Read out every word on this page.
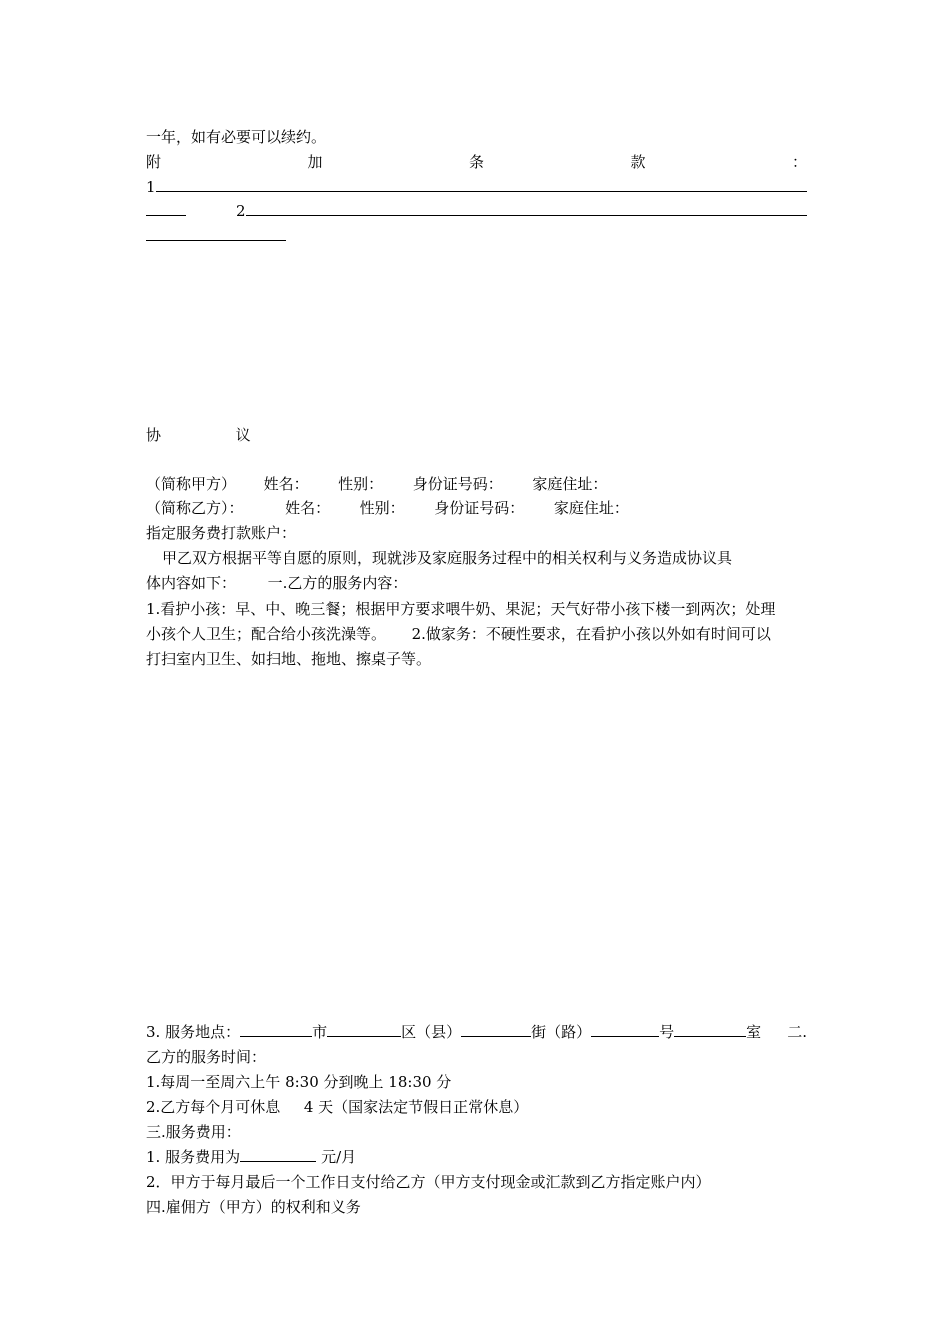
一年，如有必要可以续约。
附	加	条	款	：
1
2
协	议
（简称甲方） 姓名： 性别： 身份证号码： 家庭住址：
（简称乙方）：	姓名： 性别： 身份证号码： 家庭住址：
指定服务费打款账户：
甲乙双方根据平等自愿的原则，现就涉及家庭服务过程中的相关权利与义务造成协议具
体内容如下： 一.乙方的服务内容：
1.看护小孩：早、中、晚三餐；根据甲方要求喂牛奶、果泥；天气好带小孩下楼一到两次；处理
小孩个人卫生；配合给小孩洗澡等。 2.做家务：不硬性要求，在看护小孩以外如有时间可以
打扫室内卫生、如扫地、拖地、擦桌子等。
3. 服务地点：	市	区（县）	街（路）	号	室 二.
乙方的服务时间：
1.每周一至周六上午 8:30 分到晚上 18:30 分
2.乙方每个月可休息 4 天（国家法定节假日正常休息）
三.服务费用：
1. 服务费用为	元/月
2．甲方于每月最后一个工作日支付给乙方（甲方支付现金或汇款到乙方指定账户内）
四.雇佣方（甲方）的权利和义务
